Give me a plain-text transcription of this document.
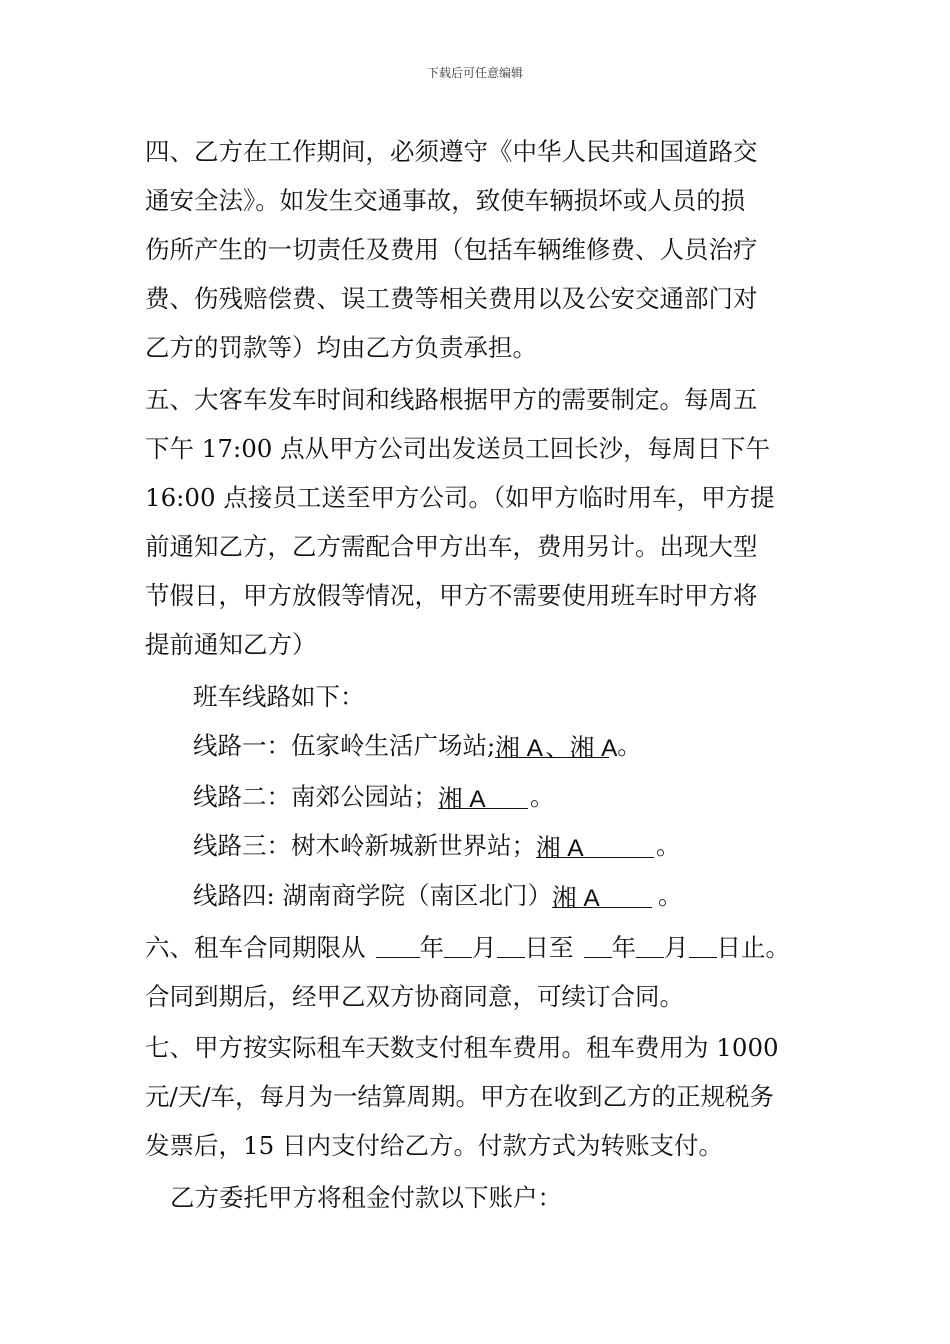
下载后可任意编辑
四、乙方在工作期间，必须遵守《中华人民共和国道路交
通安全法》。如发生交通事故，致使车辆损坏或人员的损
伤所产生的一切责任及费用（包括车辆维修费、人员治疗
费、伤残赔偿费、误工费等相关费用以及公安交通部门对
乙方的罚款等）均由乙方负责承担。
五、大客车发车时间和线路根据甲方的需要制定。每周五
下午 17:00 点从甲方公司出发送员工回长沙，每周日下午
16:00 点接员工送至甲方公司。（如甲方临时用车，甲方提
前通知乙方，乙方需配合甲方出车，费用另计。出现大型
节假日，甲方放假等情况，甲方不需要使用班车时甲方将
提前通知乙方）
班车线路如下：
线路一：伍家岭生活广场站;湘 A、湘 A。
线路二：南郊公园站；湘 A 。
线路三：树木岭新城新世界站；湘 A	。
线路四: 湖南商学院（南区北门）湘 A 。
六、租车合同期限从 年 月 日至 年 月 日止。
合同到期后，经甲乙双方协商同意，可续订合同。
七、甲方按实际租车天数支付租车费用。租车费用为 1000
元/天/车，每月为一结算周期。甲方在收到乙方的正规税务
发票后，15 日内支付给乙方。付款方式为转账支付。
乙方委托甲方将租金付款以下账户：
